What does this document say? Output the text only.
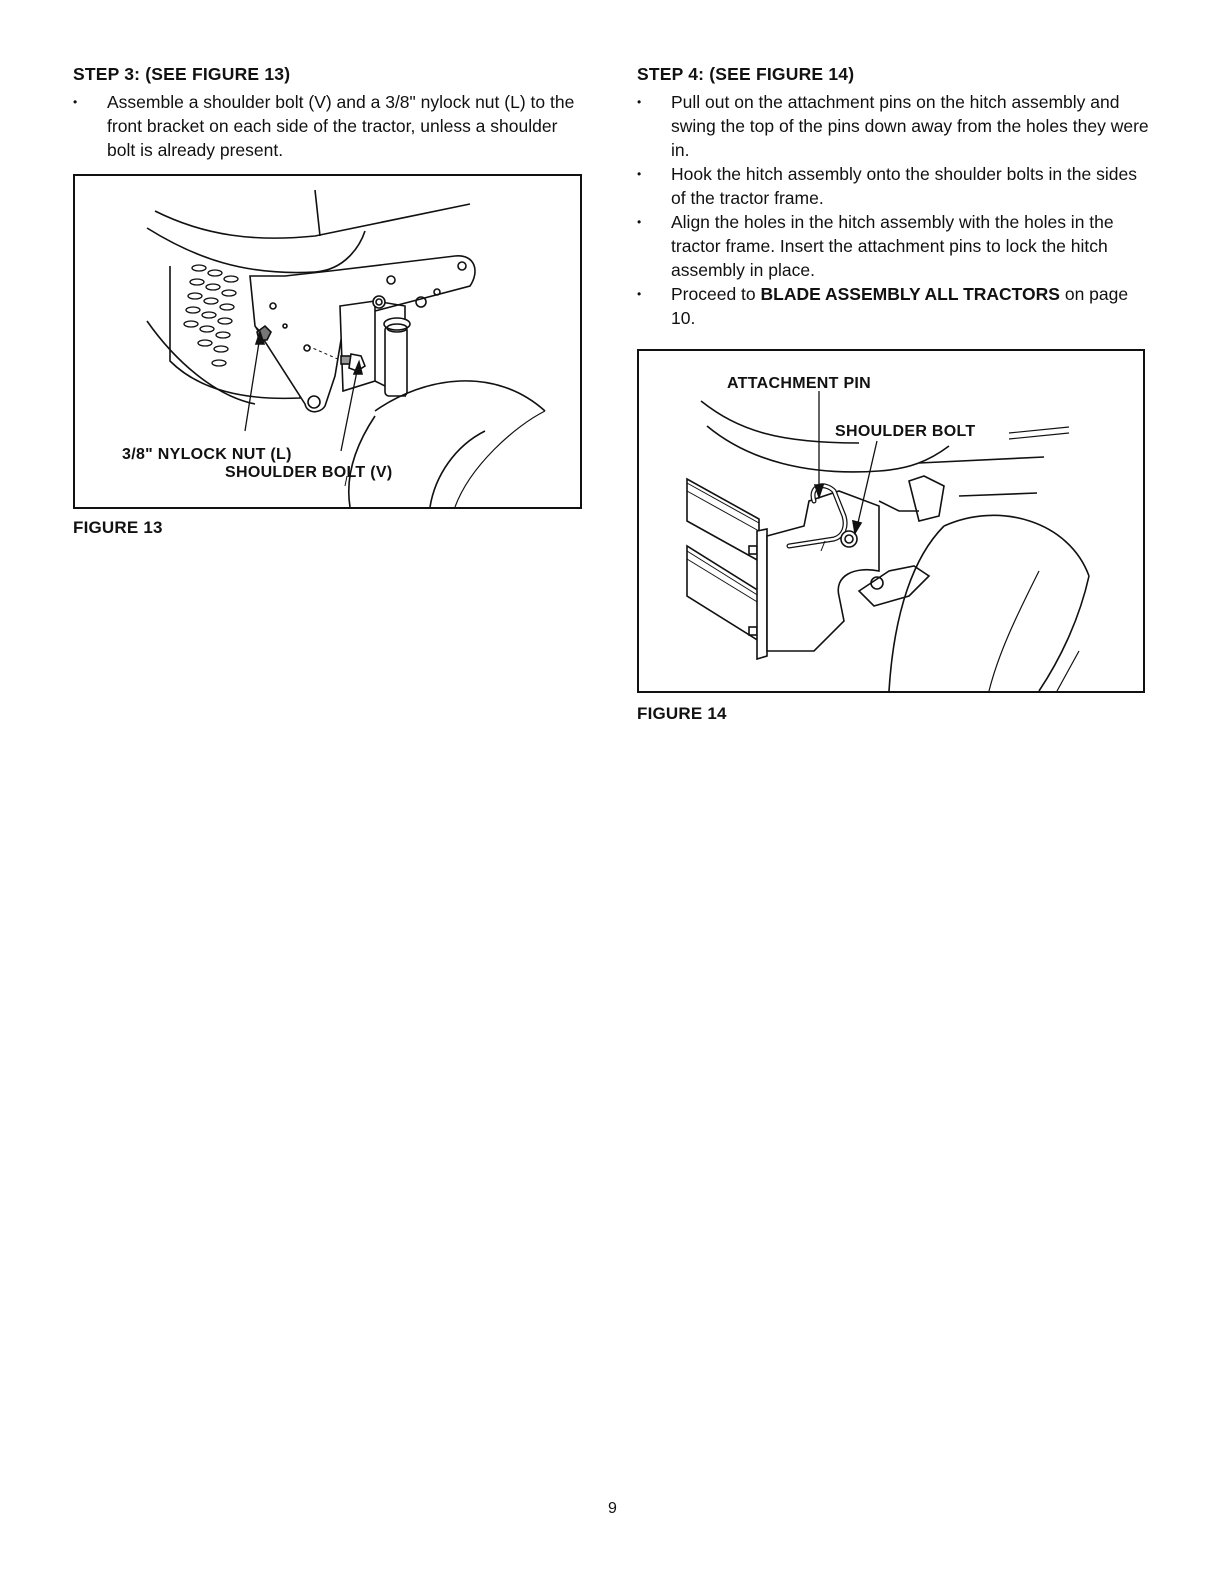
STEP 3: (SEE FIGURE 13)
• Assemble a shoulder bolt (V) and a 3/8" nylock nut (L) to the front bracket on each side of the tractor, unless a shoulder bolt is already present.
3/8" NYLOCK NUT (L)
SHOULDER BOLT (V)
FIGURE 13
STEP 4: (SEE FIGURE 14)
• Pull out on the attachment pins on the hitch assembly and swing the top of the pins down away from the holes they were in.
• Hook the hitch assembly onto the shoulder bolts in the sides of the tractor frame.
• Align the holes in the hitch assembly with the holes in the tractor frame. Insert the attachment pins to lock the hitch assembly in place.
• Proceed to BLADE ASSEMBLY ALL TRACTORS on page 10.
ATTACHMENT PIN
SHOULDER BOLT
FIGURE 14
9
